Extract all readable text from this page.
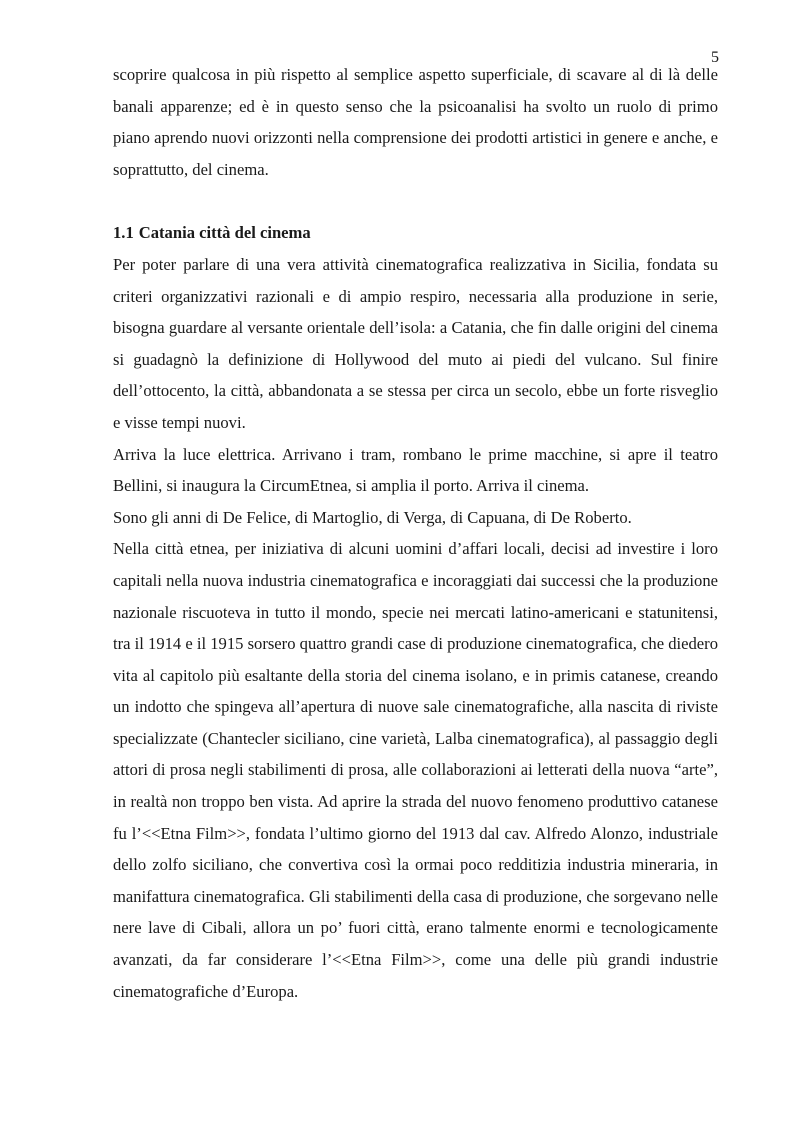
5

scoprire qualcosa in più rispetto al semplice aspetto superficiale, di scavare al di là delle banali apparenze; ed è in questo senso che la psicoanalisi ha svolto un ruolo di primo piano aprendo nuovi orizzonti nella comprensione dei prodotti artistici in genere e anche, e soprattutto, del cinema.

1.1 Catania città del cinema

Per poter parlare di una vera attività cinematografica realizzativa in Sicilia, fondata su criteri organizzativi razionali e di ampio respiro, necessaria alla produzione in serie, bisogna guardare al versante orientale dell’isola: a Catania, che fin dalle origini del cinema si guadagnò la definizione di Hollywood del muto ai piedi del vulcano. Sul finire dell’ottocento, la città, abbandonata a se stessa per circa un secolo, ebbe un forte risveglio e visse tempi nuovi.

Arriva la luce elettrica. Arrivano i tram, rombano le prime macchine, si apre il teatro Bellini, si inaugura la CircumEtnea, si amplia il porto. Arriva il cinema.

Sono gli anni di De Felice, di Martoglio, di Verga, di Capuana, di De Roberto.

Nella città etnea, per iniziativa di alcuni uomini d’affari locali, decisi ad investire i loro capitali nella nuova industria cinematografica e incoraggiati dai successi che la produzione nazionale riscuoteva in tutto il mondo, specie nei mercati latino-americani e statunitensi, tra il 1914 e il 1915 sorsero quattro grandi case di produzione cinematografica, che diedero vita al capitolo più esaltante della storia del cinema isolano, e in primis catanese, creando un indotto che spingeva all’apertura di nuove sale cinematografiche, alla nascita di riviste specializzate (Chantecler siciliano, cine varietà, Lalba cinematografica), al passaggio degli attori di prosa negli stabilimenti di prosa, alle collaborazioni ai letterati della nuova “arte”, in realtà non troppo ben vista. Ad aprire la strada del nuovo fenomeno produttivo catanese fu l’<<Etna Film>>, fondata l’ultimo giorno del 1913 dal cav. Alfredo Alonzo, industriale dello zolfo siciliano, che convertiva così la ormai poco redditizia industria mineraria, in manifattura cinematografica. Gli stabilimenti della casa di produzione, che sorgevano nelle nere lave di Cibali, allora un po’ fuori città, erano talmente enormi e tecnologicamente avanzati, da far considerare l’<<Etna Film>>, come una delle più grandi industrie cinematografiche d’Europa.
